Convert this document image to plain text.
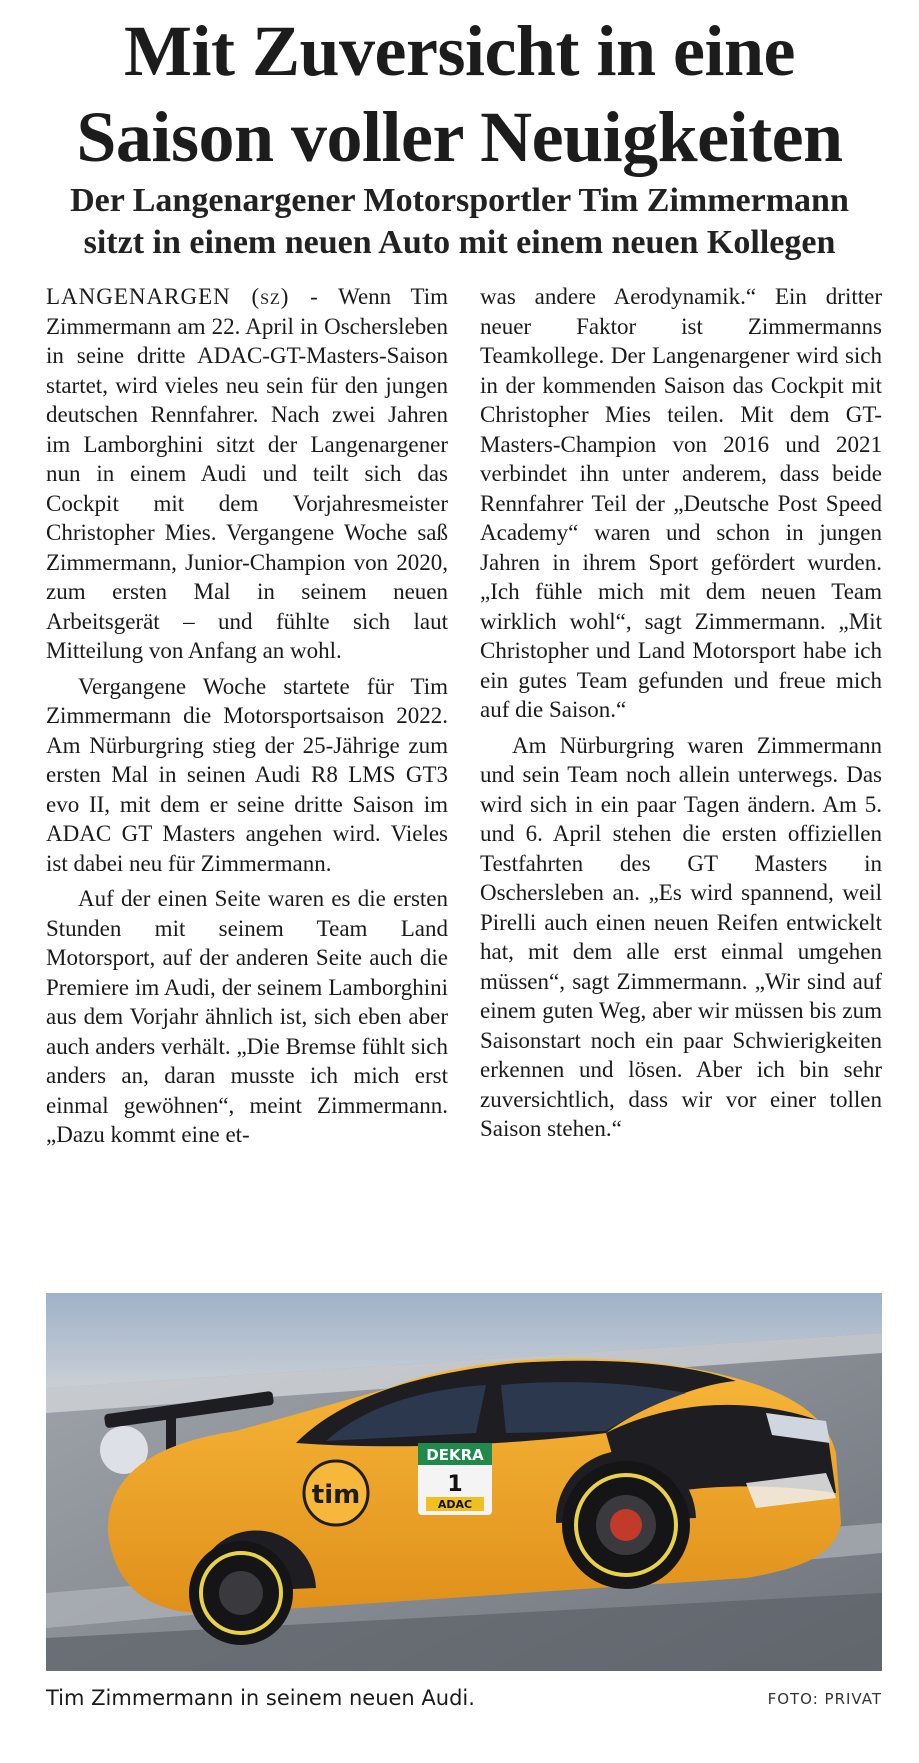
Mit Zuversicht in eine
Saison voller Neuigkeiten
Der Langenargener Motorsportler Tim Zimmermann
sitzt in einem neuen Auto mit einem neuen Kollegen

LANGENARGEN (sz) - Wenn Tim Zimmermann am 22. April in Oschersleben in seine dritte ADAC-GT-Masters-Saison startet, wird vieles neu sein für den jungen deutschen Rennfahrer. Nach zwei Jahren im Lamborghini sitzt der Langenargener nun in einem Audi und teilt sich das Cockpit mit dem Vorjahresmeister Christopher Mies. Vergangene Woche saß Zimmermann, Junior-Champion von 2020, zum ersten Mal in seinem neuen Arbeitsgerät – und fühlte sich laut Mitteilung von Anfang an wohl.

Vergangene Woche startete für Tim Zimmermann die Motorsportsaison 2022. Am Nürburgring stieg der 25-Jährige zum ersten Mal in seinen Audi R8 LMS GT3 evo II, mit dem er seine dritte Saison im ADAC GT Masters angehen wird. Vieles ist dabei neu für Zimmermann.

Auf der einen Seite waren es die ersten Stunden mit seinem Team Land Motorsport, auf der anderen Seite auch die Premiere im Audi, der seinem Lamborghini aus dem Vorjahr ähnlich ist, sich eben aber auch anders verhält. „Die Bremse fühlt sich anders an, daran musste ich mich erst einmal gewöhnen“, meint Zimmermann. „Dazu kommt eine et-

was andere Aerodynamik.“ Ein dritter neuer Faktor ist Zimmermanns Teamkollege. Der Langenargener wird sich in der kommenden Saison das Cockpit mit Christopher Mies teilen. Mit dem GT-Masters-Champion von 2016 und 2021 verbindet ihn unter anderem, dass beide Rennfahrer Teil der „Deutsche Post Speed Academy“ waren und schon in jungen Jahren in ihrem Sport gefördert wurden. „Ich fühle mich mit dem neuen Team wirklich wohl“, sagt Zimmermann. „Mit Christopher und Land Motorsport habe ich ein gutes Team gefunden und freue mich auf die Saison.“

Am Nürburgring waren Zimmermann und sein Team noch allein unterwegs. Das wird sich in ein paar Tagen ändern. Am 5. und 6. April stehen die ersten offiziellen Testfahrten des GT Masters in Oschersleben an. „Es wird spannend, weil Pirelli auch einen neuen Reifen entwickelt hat, mit dem alle erst einmal umgehen müssen“, sagt Zimmermann. „Wir sind auf einem guten Weg, aber wir müssen bis zum Saisonstart noch ein paar Schwierigkeiten erkennen und lösen. Aber ich bin sehr zuversichtlich, dass wir vor einer tollen Saison stehen.“

DEKRA
1
ADAC
tim
Tim Zimmermann in seinem neuen Audi.	FOTO: PRIVAT
